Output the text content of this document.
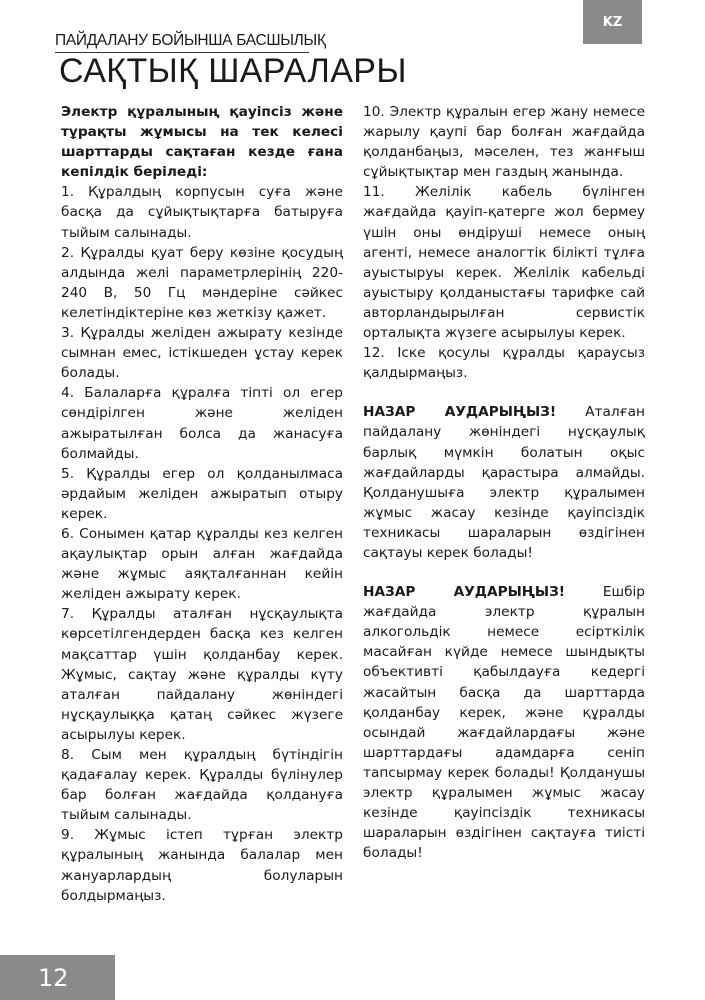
KZ
ПАЙДАЛАНУ БОЙЫНША БАСШЫЛЫҚ
САҚТЫҚ ШАРАЛАРЫ

Электр құралының қауіпсіз және тұрақты жұмысы на тек келесі шарттарды сақтаған кезде ғана кепілдік беріледі:

1. Құралдың корпусын суға және басқа да сұйықтықтарға батыруға тыйым салынады.

2. Құралды қуат беру көзіне қосудың алдында желі параметрлерінің 220-240 В, 50 Гц мәндеріне сәйкес келетіндіктеріне көз жеткізу қажет.

3. Құралды желіден ажырату кезінде сымнан емес, істікшеден ұстау керек болады.

4. Балаларға құралға тіпті ол егер сөндірілген және желіден ажыратылған болса да жанасуға болмайды.

5. Құралды егер ол қолданылмаса әрдайым желіден ажыратып отыру керек.

6. Сонымен қатар құралды кез келген ақаулықтар орын алған жағдайда және жұмыс аяқталғаннан кейін желіден ажырату керек.

7. Құралды аталған нұсқаулықта көрсетілгендерден басқа кез келген мақсаттар үшін қолданбау керек. Жұмыс, сақтау және құралды күту аталған пайдалану жөніндегі нұсқаулыққа қатаң сәйкес жүзеге асырылуы керек.

8. Сым мен құралдың бүтіндігін қадағалау керек. Құралды бүлінулер бар болған жағдайда қолдануға тыйым салынады.

9. Жұмыс істеп тұрған электр құралының жанында балалар мен жануарлардың болуларын болдырмаңыз.

10. Электр құралын егер жану немесе жарылу қаупі бар болған жағдайда қолданбаңыз, мәселен, тез жанғыш сұйықтықтар мен газдың жанында.

11. Желілік кабель бүлінген жағдайда қауіп-қатерге жол бермеу үшін оны өндіруші немесе оның агенті, немесе аналогтік білікті тұлға ауыстыруы керек. Желілік кабельді ауыстыру қолданыстағы тарифке сай авторландырылған сервистік орталықта жүзеге асырылуы керек.

12. Іске қосулы құралды қараусыз қалдырмаңыз.

НАЗАР АУДАРЫҢЫЗ! Аталған пайдалану жөніндегі нұсқаулық барлық мүмкін болатын оқыс жағдайларды қарастыра алмайды. Қолданушыға электр құралымен жұмыс жасау кезінде қауіпсіздік техникасы шараларын өздігінен сақтауы керек болады!

НАЗАР АУДАРЫҢЫЗ! Ешбір жағдайда электр құралын алкогольдік немесе есірткілік масайған күйде немесе шындықты объективті қабылдауға кедергі жасайтын басқа да шарттарда қолданбау керек, және құралды осындай жағдайлардағы және шарттардағы адамдарға сеніп тапсырмау керек болады! Қолданушы электр құралымен жұмыс жасау кезінде қауіпсіздік техникасы шараларын өздігінен сақтауға тиісті болады!

12
